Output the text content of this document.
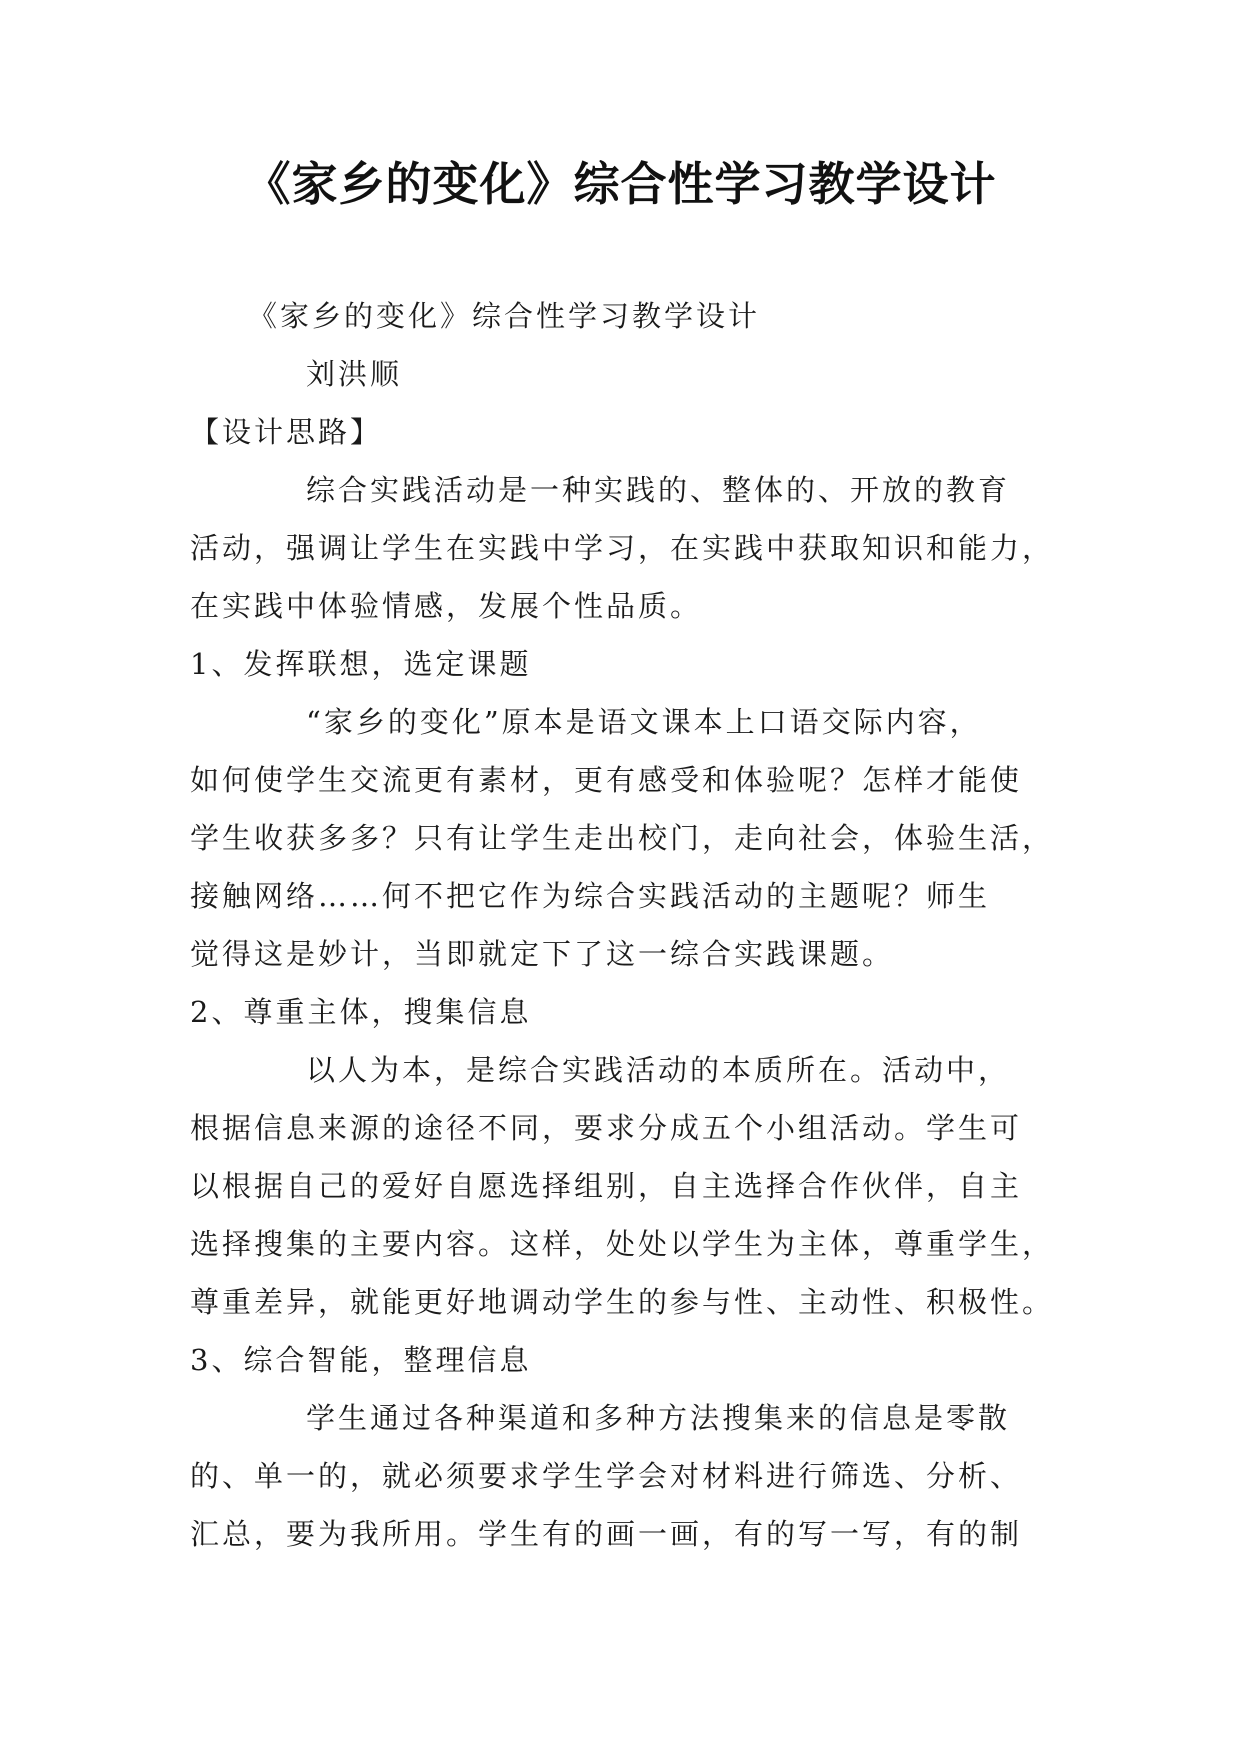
《家乡的变化》综合性学习教学设计
《家乡的变化》综合性学习教学设计
刘洪顺
【设计思路】
综合实践活动是一种实践的、整体的、开放的教育
活动，强调让学生在实践中学习，在实践中获取知识和能力，
在实践中体验情感，发展个性品质。
1、发挥联想，选定课题
“家乡的变化”原本是语文课本上口语交际内容，
如何使学生交流更有素材，更有感受和体验呢？怎样才能使
学生收获多多？只有让学生走出校门，走向社会，体验生活，
接触网络……何不把它作为综合实践活动的主题呢？师生
觉得这是妙计，当即就定下了这一综合实践课题。
2、尊重主体，搜集信息
以人为本，是综合实践活动的本质所在。活动中，
根据信息来源的途径不同，要求分成五个小组活动。学生可
以根据自己的爱好自愿选择组别，自主选择合作伙伴，自主
选择搜集的主要内容。这样，处处以学生为主体，尊重学生，
尊重差异，就能更好地调动学生的参与性、主动性、积极性。
3、综合智能，整理信息
学生通过各种渠道和多种方法搜集来的信息是零散
的、单一的，就必须要求学生学会对材料进行筛选、分析、
汇总，要为我所用。学生有的画一画，有的写一写，有的制
